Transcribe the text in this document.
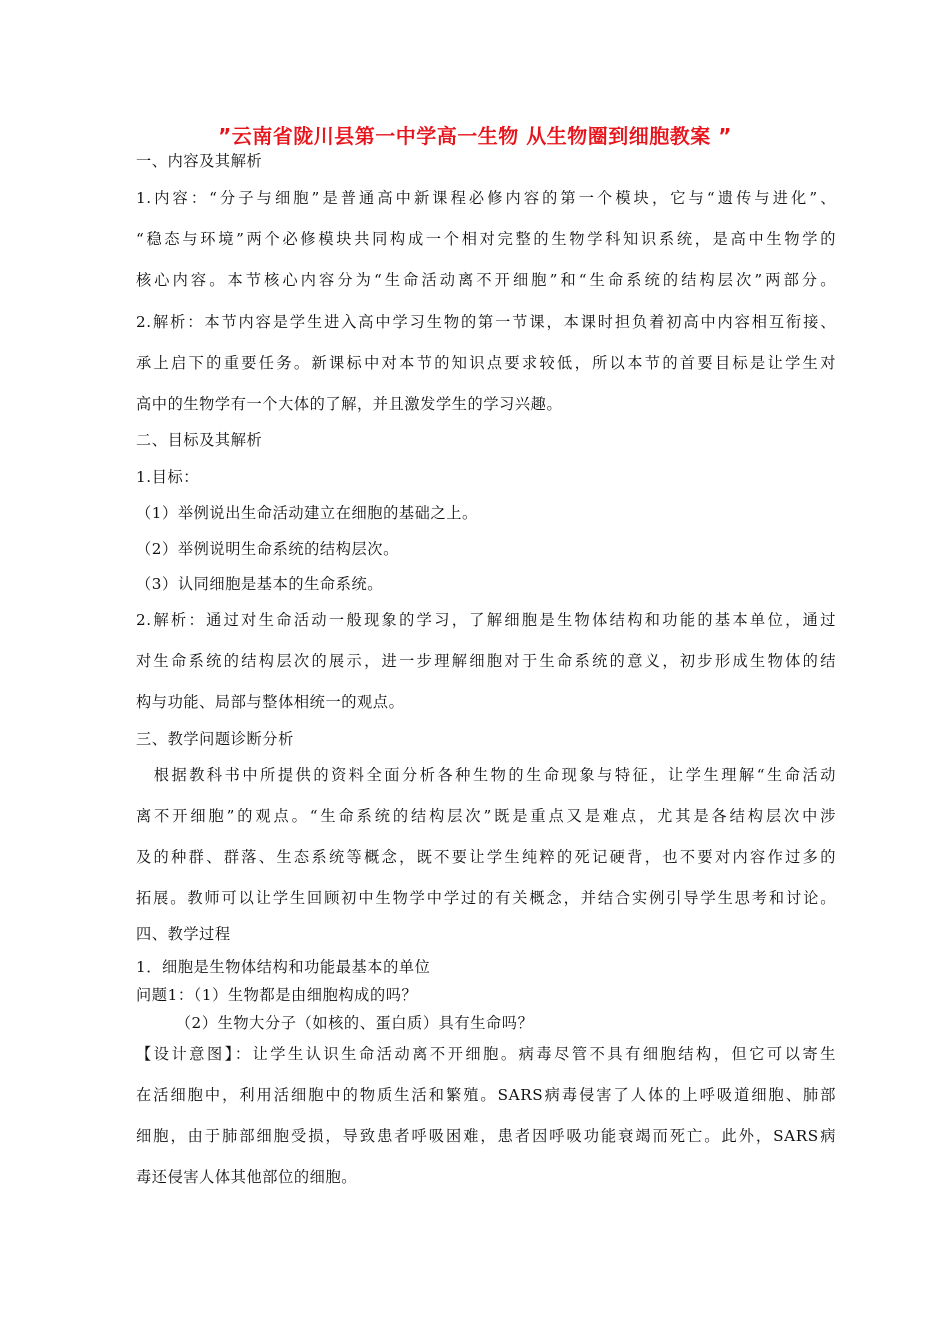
”云南省陇川县第一中学高一生物 从生物圈到细胞教案 ”
一、内容及其解析
1.内容：“分子与细胞”是普通高中新课程必修内容的第一个模块，它与“遗传与进化”、
“稳态与环境”两个必修模块共同构成一个相对完整的生物学科知识系统，是高中生物学的
核心内容。本节核心内容分为“生命活动离不开细胞”和“生命系统的结构层次”两部分。
2.解析：本节内容是学生进入高中学习生物的第一节课，本课时担负着初高中内容相互衔接、
承上启下的重要任务。新课标中对本节的知识点要求较低，所以本节的首要目标是让学生对
高中的生物学有一个大体的了解，并且激发学生的学习兴趣。
二、目标及其解析
1.目标：
（1）举例说出生命活动建立在细胞的基础之上。
（2）举例说明生命系统的结构层次。
（3）认同细胞是基本的生命系统。
2.解析：通过对生命活动一般现象的学习，了解细胞是生物体结构和功能的基本单位，通过
对生命系统的结构层次的展示，进一步理解细胞对于生命系统的意义，初步形成生物体的结
构与功能、局部与整体相统一的观点。
三、教学问题诊断分析
　根据教科书中所提供的资料全面分析各种生物的生命现象与特征，让学生理解“生命活动
离不开细胞”的观点。“生命系统的结构层次”既是重点又是难点，尤其是各结构层次中涉
及的种群、群落、生态系统等概念，既不要让学生纯粹的死记硬背，也不要对内容作过多的
拓展。教师可以让学生回顾初中生物学中学过的有关概念，并结合实例引导学生思考和讨论。
四、教学过程
1．细胞是生物体结构和功能最基本的单位
问题1：（1）生物都是由细胞构成的吗？
　　　（2）生物大分子（如核的、蛋白质）具有生命吗？
【设计意图】：让学生认识生命活动离不开细胞。病毒尽管不具有细胞结构，但它可以寄生
在活细胞中，利用活细胞中的物质生活和繁殖。SARS病毒侵害了人体的上呼吸道细胞、肺部
细胞，由于肺部细胞受损，导致患者呼吸困难，患者因呼吸功能衰竭而死亡。此外，SARS病
毒还侵害人体其他部位的细胞。
